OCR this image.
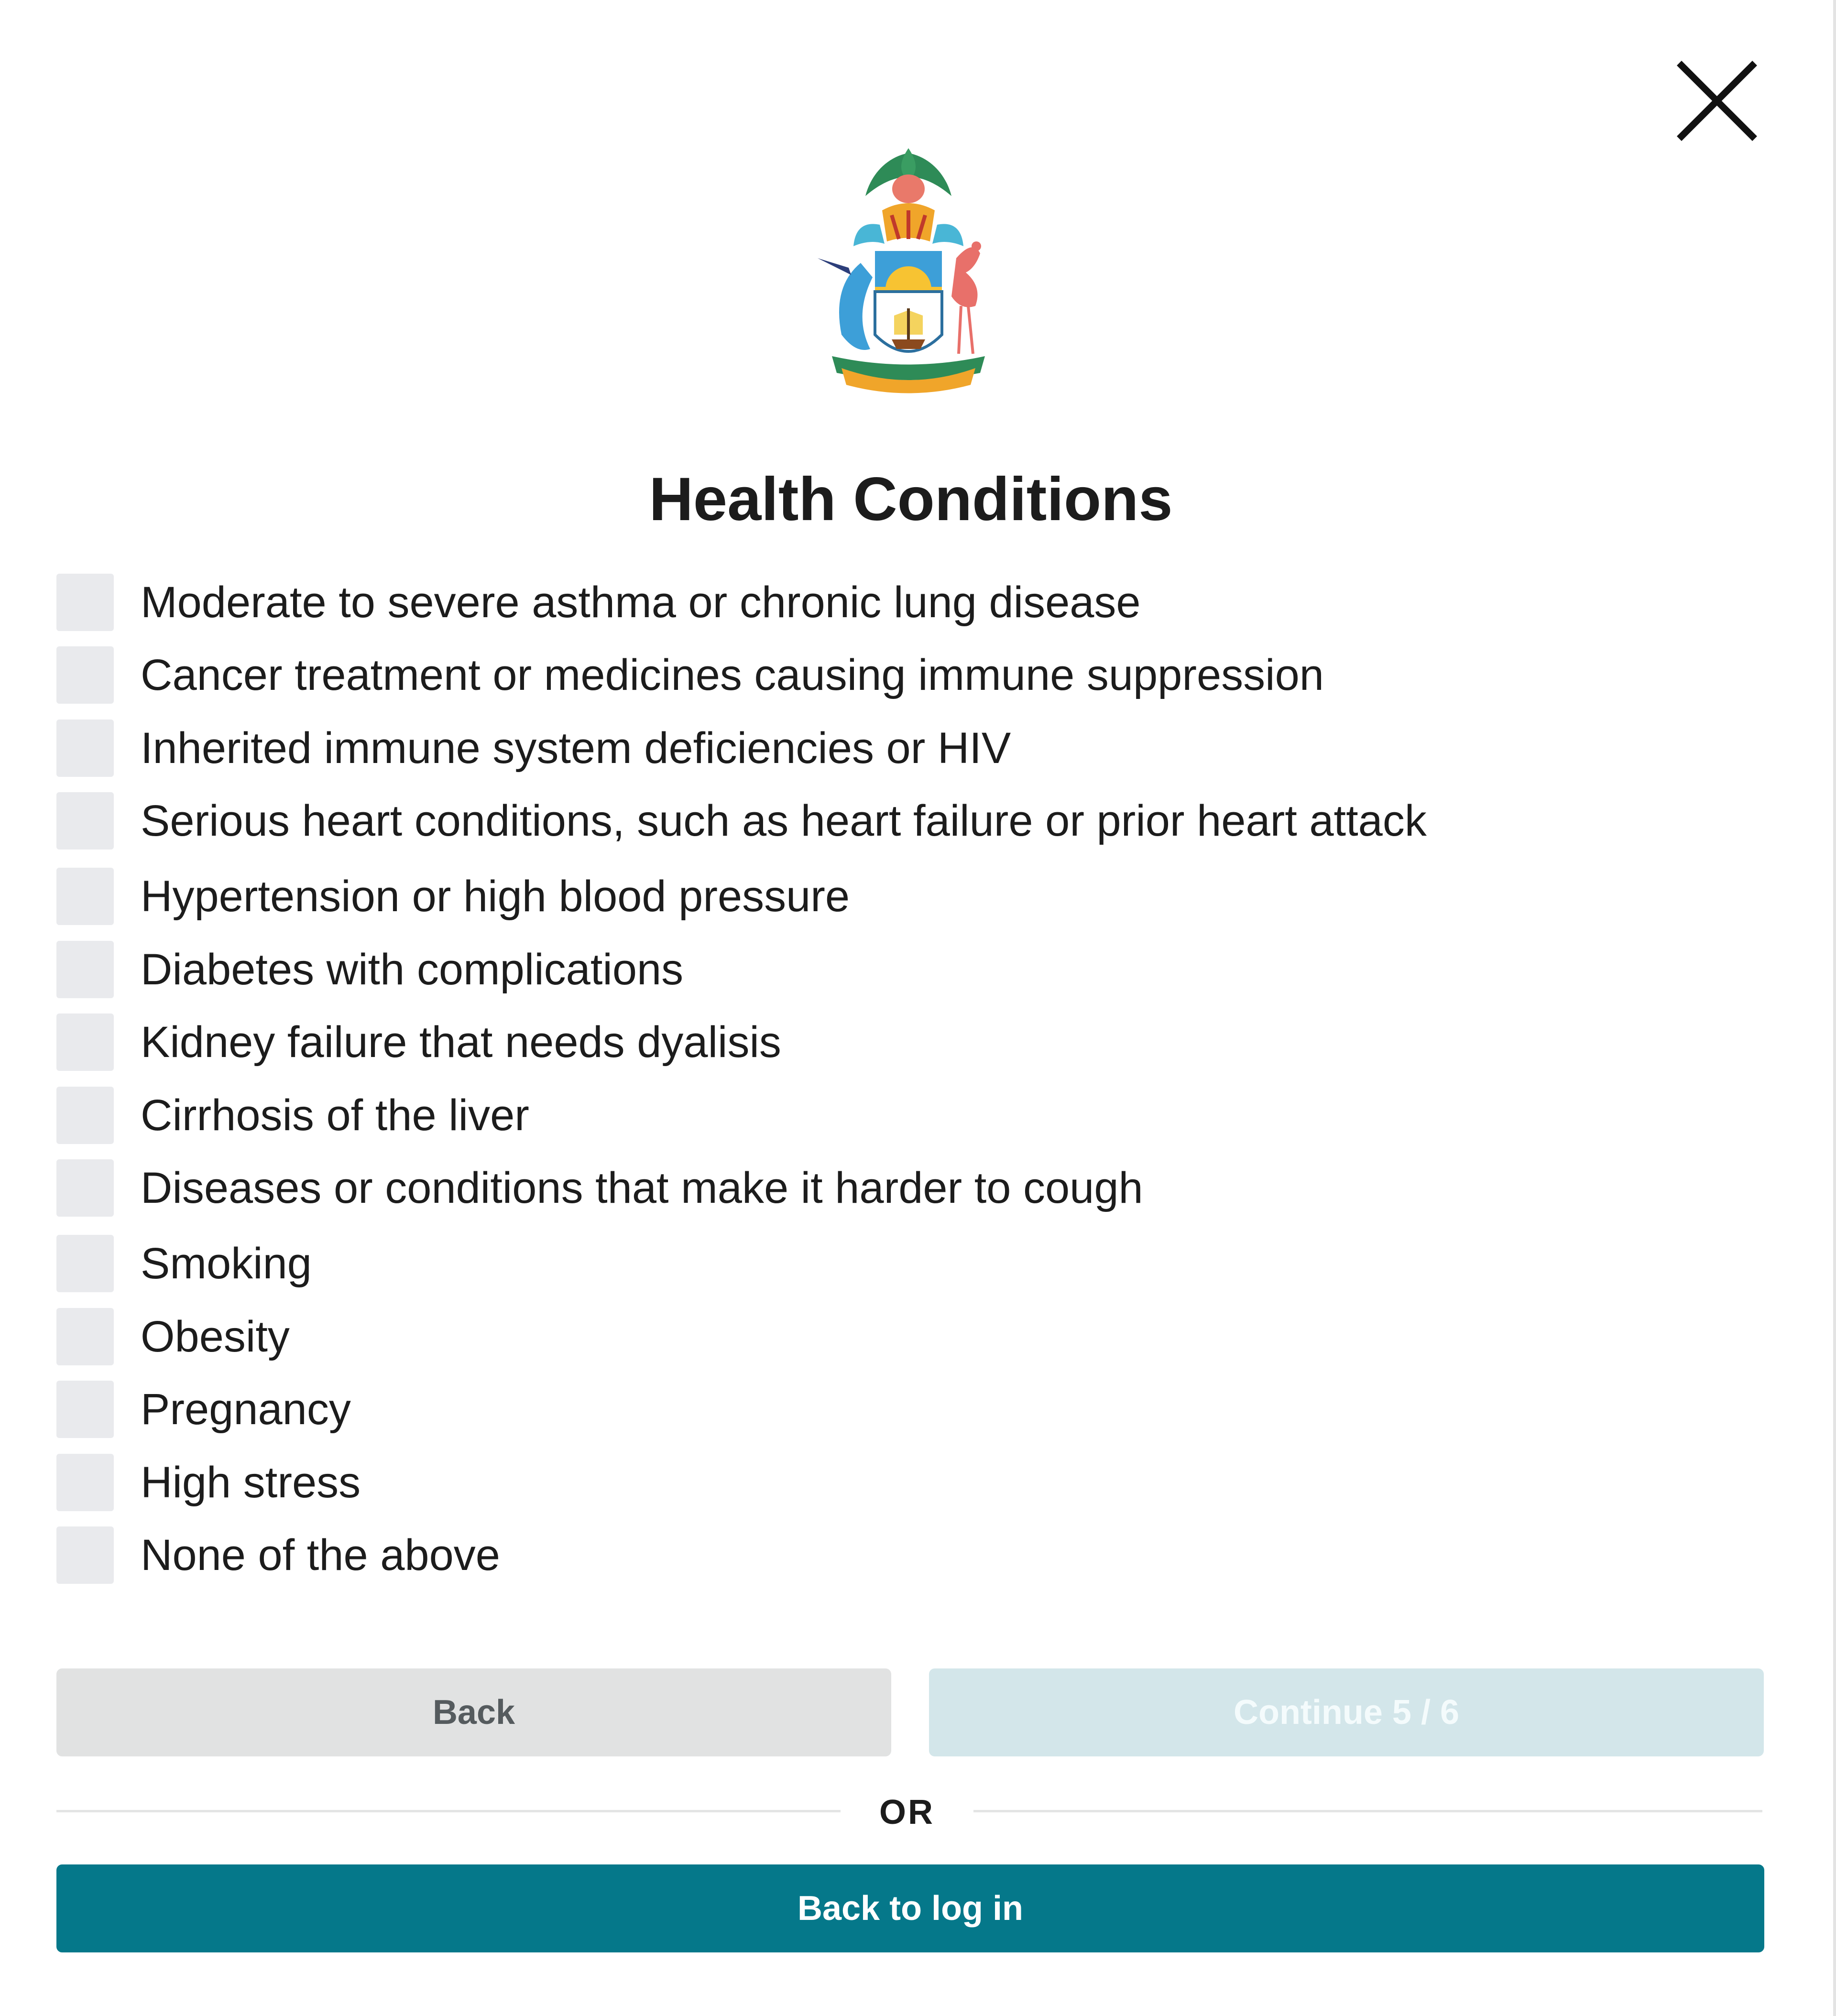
Health Conditions
Moderate to severe asthma or chronic lung disease
Cancer treatment or medicines causing immune suppression
Inherited immune system deficiencies or HIV
Serious heart conditions, such as heart failure or prior heart attack
Hypertension or high blood pressure
Diabetes with complications
Kidney failure that needs dyalisis
Cirrhosis of the liver
Diseases or conditions that make it harder to cough
Smoking
Obesity
Pregnancy
High stress
None of the above
Back	Continue 5 / 6
OR
Back to log in
